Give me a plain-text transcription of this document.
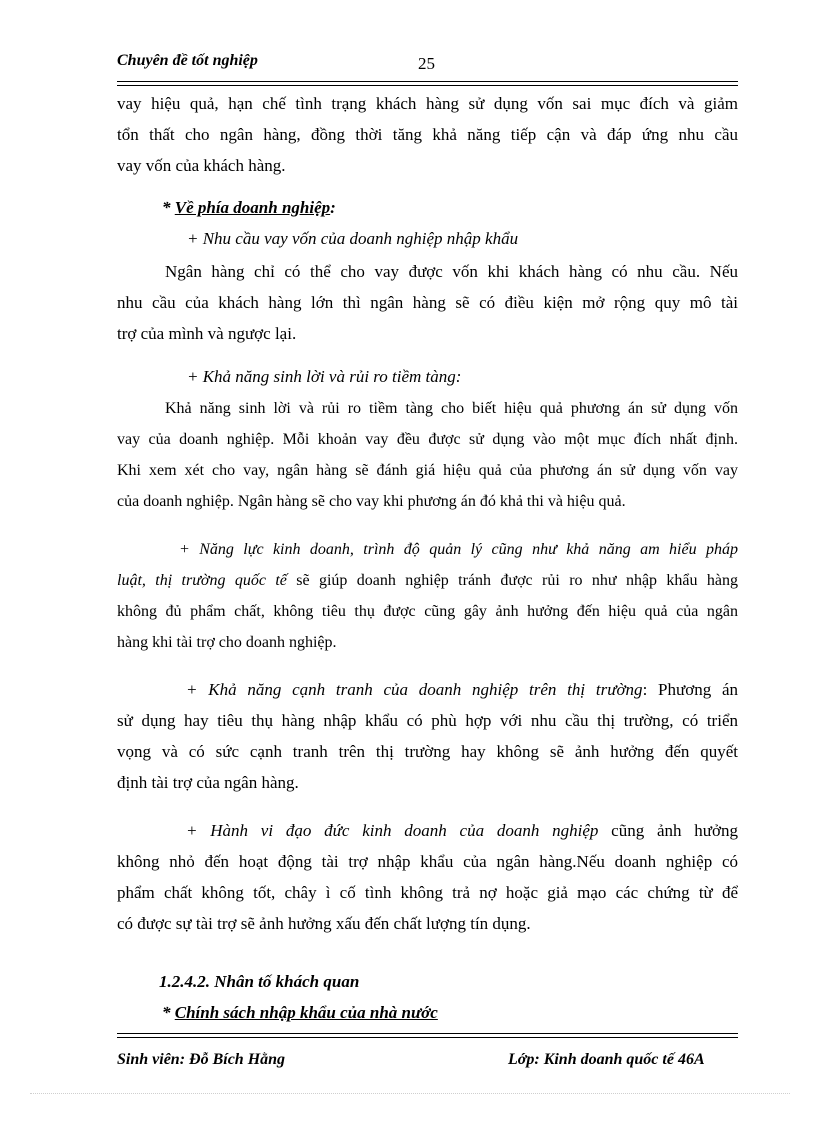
Chuyên đề tốt nghiệp	25
vay hiệu quả, hạn chế tình trạng khách hàng sử dụng vốn sai mục đích và giảm
tổn thất cho ngân hàng, đồng thời tăng khả năng tiếp cận và đáp ứng nhu cầu
vay vốn của khách hàng.
* Về phía doanh nghiệp:
+ Nhu cầu vay vốn của doanh nghiệp nhập khẩu
Ngân hàng chỉ có thể cho vay được vốn khi khách hàng có nhu cầu. Nếu
nhu cầu của khách hàng lớn thì ngân hàng sẽ có điều kiện mở rộng quy mô tài
trợ của mình và ngược lại.
+ Khả năng sinh lời và rủi ro tiềm tàng:
Khả năng sinh lời và rủi ro tiềm tàng cho biết hiệu quả phương án sử dụng vốn
vay của doanh nghiệp. Mỗi khoản vay đều được sử dụng vào một mục đích nhất định.
Khi xem xét cho vay, ngân hàng sẽ đánh giá hiệu quả của phương án sử dụng vốn vay
của doanh nghiệp. Ngân hàng sẽ cho vay khi phương án đó khả thi và hiệu quả.
+ Năng lực kinh doanh, trình độ quản lý cũng như khả năng am hiểu pháp
luật, thị trường quốc tế sẽ giúp doanh nghiệp tránh được rủi ro như nhập khẩu hàng
không đủ phẩm chất, không tiêu thụ được cũng gây ảnh hưởng đến hiệu quả của ngân
hàng khi tài trợ cho doanh nghiệp.
+ Khả năng cạnh tranh của doanh nghiệp trên thị trường: Phương án
sử dụng hay tiêu thụ hàng nhập khẩu có phù hợp với nhu cầu thị trường, có triển
vọng và có sức cạnh tranh trên thị trường hay không sẽ ảnh hưởng đến quyết
định tài trợ của ngân hàng.
+ Hành vi đạo đức kinh doanh của doanh nghiệp cũng ảnh hưởng
không nhỏ đến hoạt động tài trợ nhập khẩu của ngân hàng.Nếu doanh nghiệp có
phẩm chất không tốt, chây ì cố tình không trả nợ hoặc giả mạo các chứng từ để
có được sự tài trợ sẽ ảnh hưởng xấu đến chất lượng tín dụng.
1.2.4.2. Nhân tố khách quan
* Chính sách nhập khẩu của nhà nước
Sinh viên: Đỗ Bích Hằng	Lớp: Kinh doanh quốc tế 46A
